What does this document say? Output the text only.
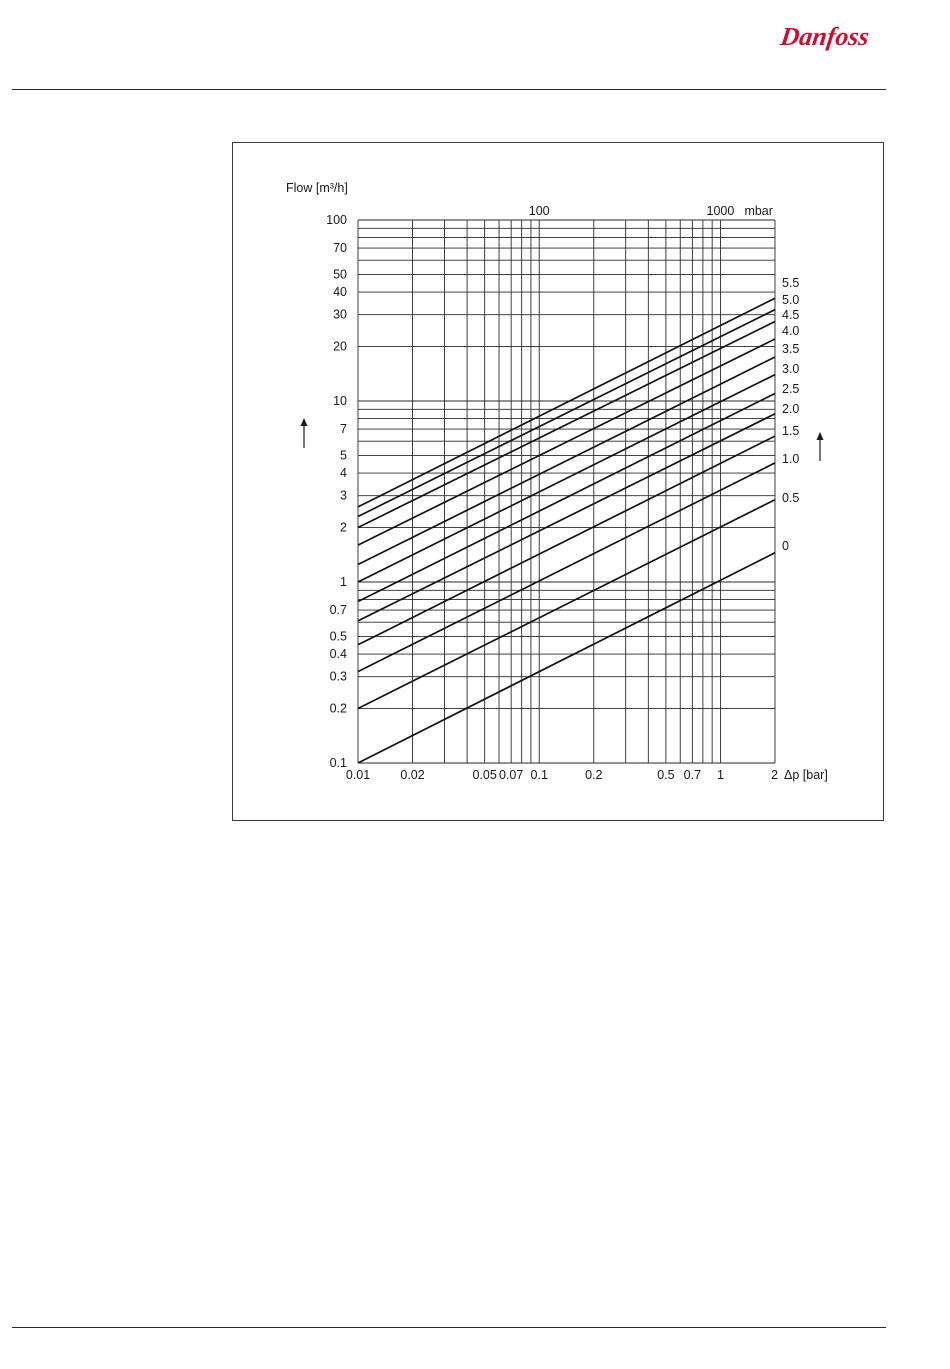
Danfoss
0.1
0.2
0.3
0.4
0.5
0.7
1
2
3
4
5
7
10
20
30
40
50
70
100
0.01 0.02	0.05 0.07 0.1	0.2	0.5 0.7 1	2
100	1000 mbar
Flow [m³/h]
Δp [bar]
0
0.5
1.0
1.5
2.0
2.5
3.0
3.5
4.0
4.5
5.0
5.5
